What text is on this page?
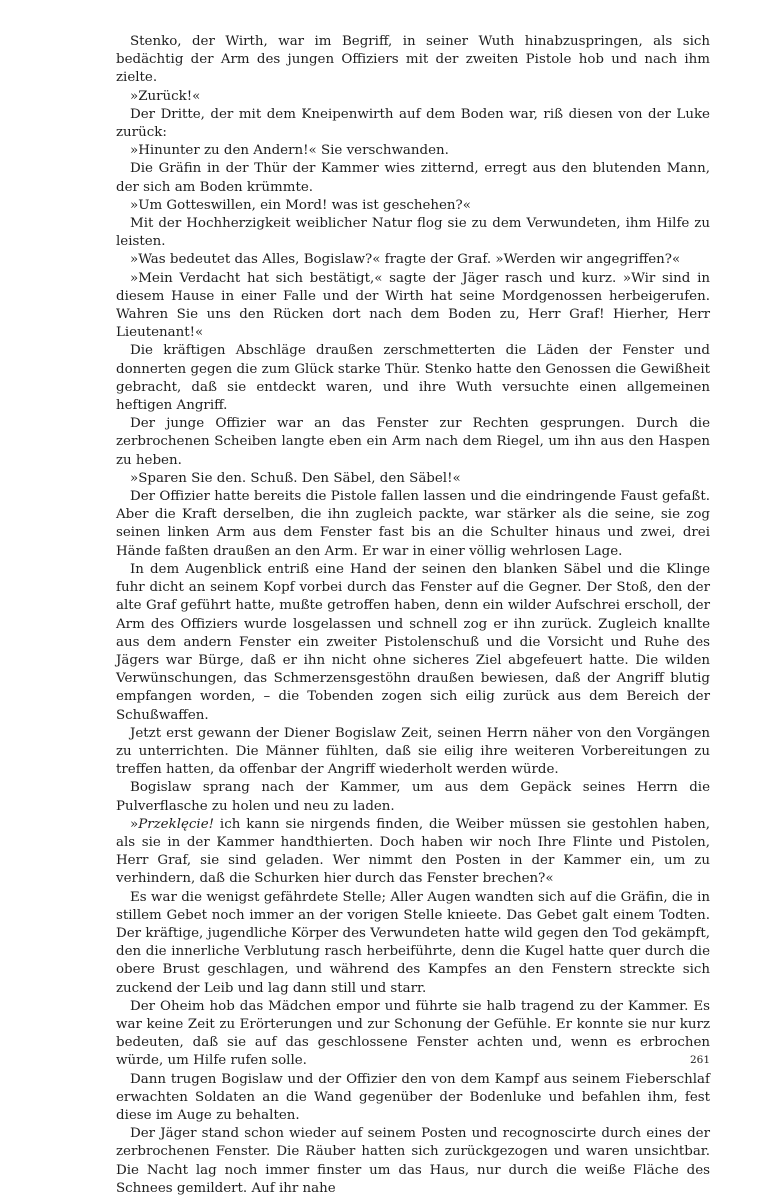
Stenko, der Wirth, war im Begriff, in seiner Wuth hinabzuspringen, als sich bedächtig der Arm des jungen Offiziers mit der zweiten Pistole hob und nach ihm zielte.

»Zurück!«

Der Dritte, der mit dem Kneipenwirth auf dem Boden war, riß diesen von der Luke zurück:

»Hinunter zu den Andern!« Sie verschwanden.

Die Gräfin in der Thür der Kammer wies zitternd, erregt aus den blutenden Mann, der sich am Boden krümmte.

»Um Gotteswillen, ein Mord! was ist geschehen?«

Mit der Hochherzigkeit weiblicher Natur flog sie zu dem Verwundeten, ihm Hilfe zu leisten.

»Was bedeutet das Alles, Bogislaw?« fragte der Graf. »Werden wir angegriffen?«

»Mein Verdacht hat sich bestätigt,« sagte der Jäger rasch und kurz. »Wir sind in diesem Hause in einer Falle und der Wirth hat seine Mordgenossen herbeigerufen. Wahren Sie uns den Rücken dort nach dem Boden zu, Herr Graf! Hierher, Herr Lieutenant!«

Die kräftigen Abschläge draußen zerschmetterten die Läden der Fenster und donnerten gegen die zum Glück starke Thür. Stenko hatte den Genossen die Gewißheit gebracht, daß sie entdeckt waren, und ihre Wuth versuchte einen allgemeinen heftigen Angriff.

Der junge Offizier war an das Fenster zur Rechten gesprungen. Durch die zerbrochenen Scheiben langte eben ein Arm nach dem Riegel, um ihn aus den Haspen zu heben.

»Sparen Sie den. Schuß. Den Säbel, den Säbel!«

Der Offizier hatte bereits die Pistole fallen lassen und die eindringende Faust gefaßt. Aber die Kraft derselben, die ihn zugleich packte, war stärker als die seine, sie zog seinen linken Arm aus dem Fenster fast bis an die Schulter hinaus und zwei, drei Hände faßten draußen an den Arm. Er war in einer völlig wehrlosen Lage.

In dem Augenblick entriß eine Hand der seinen den blanken Säbel und die Klinge fuhr dicht an seinem Kopf vorbei durch das Fenster auf die Gegner. Der Stoß, den der alte Graf geführt hatte, mußte getroffen haben, denn ein wilder Aufschrei erscholl, der Arm des Offiziers wurde losgelassen und schnell zog er ihn zurück. Zugleich knallte aus dem andern Fenster ein zweiter Pistolenschuß und die Vorsicht und Ruhe des Jägers war Bürge, daß er ihn nicht ohne sicheres Ziel abgefeuert hatte. Die wilden Verwünschungen, das Schmerzensgestöhn draußen bewiesen, daß der Angriff blutig empfangen worden, – die Tobenden zogen sich eilig zurück aus dem Bereich der Schußwaffen.

Jetzt erst gewann der Diener Bogislaw Zeit, seinen Herrn näher von den Vorgängen zu unterrichten. Die Männer fühlten, daß sie eilig ihre weiteren Vorbereitungen zu treffen hatten, da offenbar der Angriff wiederholt werden würde.

Bogislaw sprang nach der Kammer, um aus dem Gepäck seines Herrn die Pulverflasche zu holen und neu zu laden.

»Przeklęcie! ich kann sie nirgends finden, die Weiber müssen sie gestohlen haben, als sie in der Kammer handthierten. Doch haben wir noch Ihre Flinte und Pistolen, Herr Graf, sie sind geladen. Wer nimmt den Posten in der Kammer ein, um zu verhindern, daß die Schurken hier durch das Fenster brechen?«

Es war die wenigst gefährdete Stelle; Aller Augen wandten sich auf die Gräfin, die in stillem Gebet noch immer an der vorigen Stelle knieete. Das Gebet galt einem Todten. Der kräftige, jugendliche Körper des Verwundeten hatte wild gegen den Tod gekämpft, den die innerliche Verblutung rasch herbeiführte, denn die Kugel hatte quer durch die obere Brust geschlagen, und während des Kampfes an den Fenstern streckte sich zuckend der Leib und lag dann still und starr.

Der Oheim hob das Mädchen empor und führte sie halb tragend zu der Kammer. Es war keine Zeit zu Erörterungen und zur Schonung der Gefühle. Er konnte sie nur kurz bedeuten, daß sie auf das geschlossene Fenster achten und, wenn es erbrochen würde, um Hilfe rufen solle.

Dann trugen Bogislaw und der Offizier den von dem Kampf aus seinem Fieberschlaf erwachten Soldaten an die Wand gegenüber der Bodenluke und befahlen ihm, fest diese im Auge zu behalten.

Der Jäger stand schon wieder auf seinem Posten und recognoscirte durch eines der zerbrochenen Fenster. Die Räuber hatten sich zurückgezogen und waren unsichtbar. Die Nacht lag noch immer finster um das Haus, nur durch die weiße Fläche des Schnees gemildert. Auf ihr nahe

261
